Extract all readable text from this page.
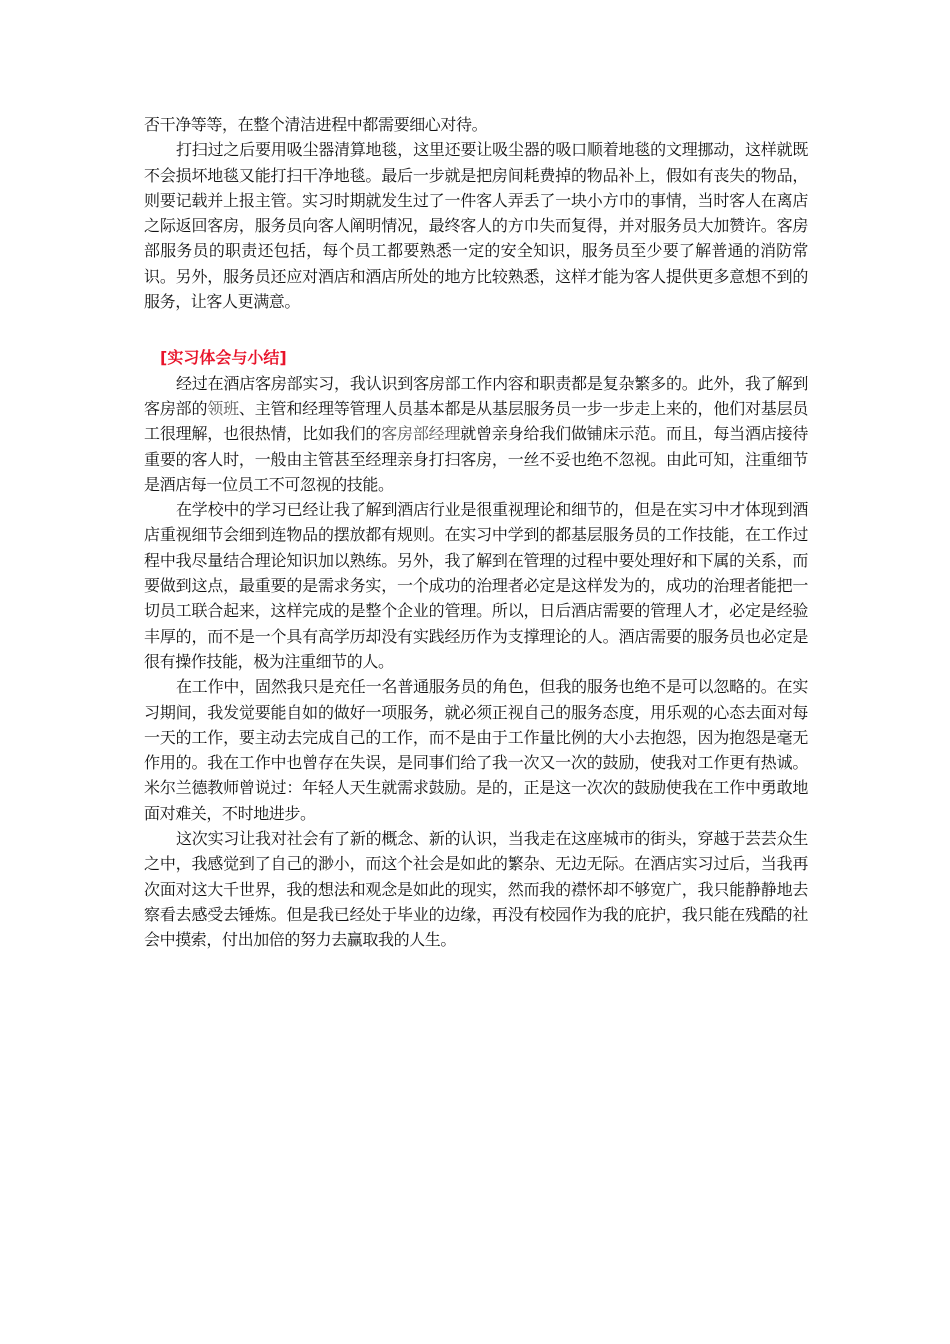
否干净等等，在整个清洁进程中都需要细心对待。

打扫过之后要用吸尘器清算地毯，这里还要让吸尘器的吸口顺着地毯的文理挪动，这样就既不会损坏地毯又能打扫干净地毯。最后一步就是把房间耗费掉的物品补上，假如有丧失的物品，则要记载并上报主管。实习时期就发生过了一件客人弄丢了一块小方巾的事情，当时客人在离店之际返回客房，服务员向客人阐明情况，最终客人的方巾失而复得，并对服务员大加赞许。客房部服务员的职责还包括，每个员工都要熟悉一定的安全知识，服务员至少要了解普通的消防常识。另外，服务员还应对酒店和酒店所处的地方比较熟悉，这样才能为客人提供更多意想不到的服务，让客人更满意。

[实习体会与小结]

经过在酒店客房部实习，我认识到客房部工作内容和职责都是复杂繁多的。此外，我了解到客房部的领班、主管和经理等管理人员基本都是从基层服务员一步一步走上来的，他们对基层员工很理解，也很热情，比如我们的客房部经理就曾亲身给我们做铺床示范。而且，每当酒店接待重要的客人时，一般由主管甚至经理亲身打扫客房，一丝不妥也绝不忽视。由此可知，注重细节是酒店每一位员工不可忽视的技能。

在学校中的学习已经让我了解到酒店行业是很重视理论和细节的，但是在实习中才体现到酒店重视细节会细到连物品的摆放都有规则。在实习中学到的都基层服务员的工作技能，在工作过程中我尽量结合理论知识加以熟练。另外，我了解到在管理的过程中要处理好和下属的关系，而要做到这点，最重要的是需求务实，一个成功的治理者必定是这样发为的，成功的治理者能把一切员工联合起来，这样完成的是整个企业的管理。所以，日后酒店需要的管理人才，必定是经验丰厚的，而不是一个具有高学历却没有实践经历作为支撑理论的人。酒店需要的服务员也必定是很有操作技能，极为注重细节的人。

在工作中，固然我只是充任一名普通服务员的角色，但我的服务也绝不是可以忽略的。在实习期间，我发觉要能自如的做好一项服务，就必须正视自己的服务态度，用乐观的心态去面对每一天的工作，要主动去完成自己的工作，而不是由于工作量比例的大小去抱怨，因为抱怨是毫无作用的。我在工作中也曾存在失误，是同事们给了我一次又一次的鼓励，使我对工作更有热诚。米尔兰德教师曾说过：年轻人天生就需求鼓励。是的，正是这一次次的鼓励使我在工作中勇敢地面对难关，不时地进步。

这次实习让我对社会有了新的概念、新的认识，当我走在这座城市的街头，穿越于芸芸众生之中，我感觉到了自己的渺小，而这个社会是如此的繁杂、无边无际。在酒店实习过后，当我再次面对这大千世界，我的想法和观念是如此的现实，然而我的襟怀却不够宽广，我只能静静地去察看去感受去锤炼。但是我已经处于毕业的边缘，再没有校园作为我的庇护，我只能在残酷的社会中摸索，付出加倍的努力去赢取我的人生。
